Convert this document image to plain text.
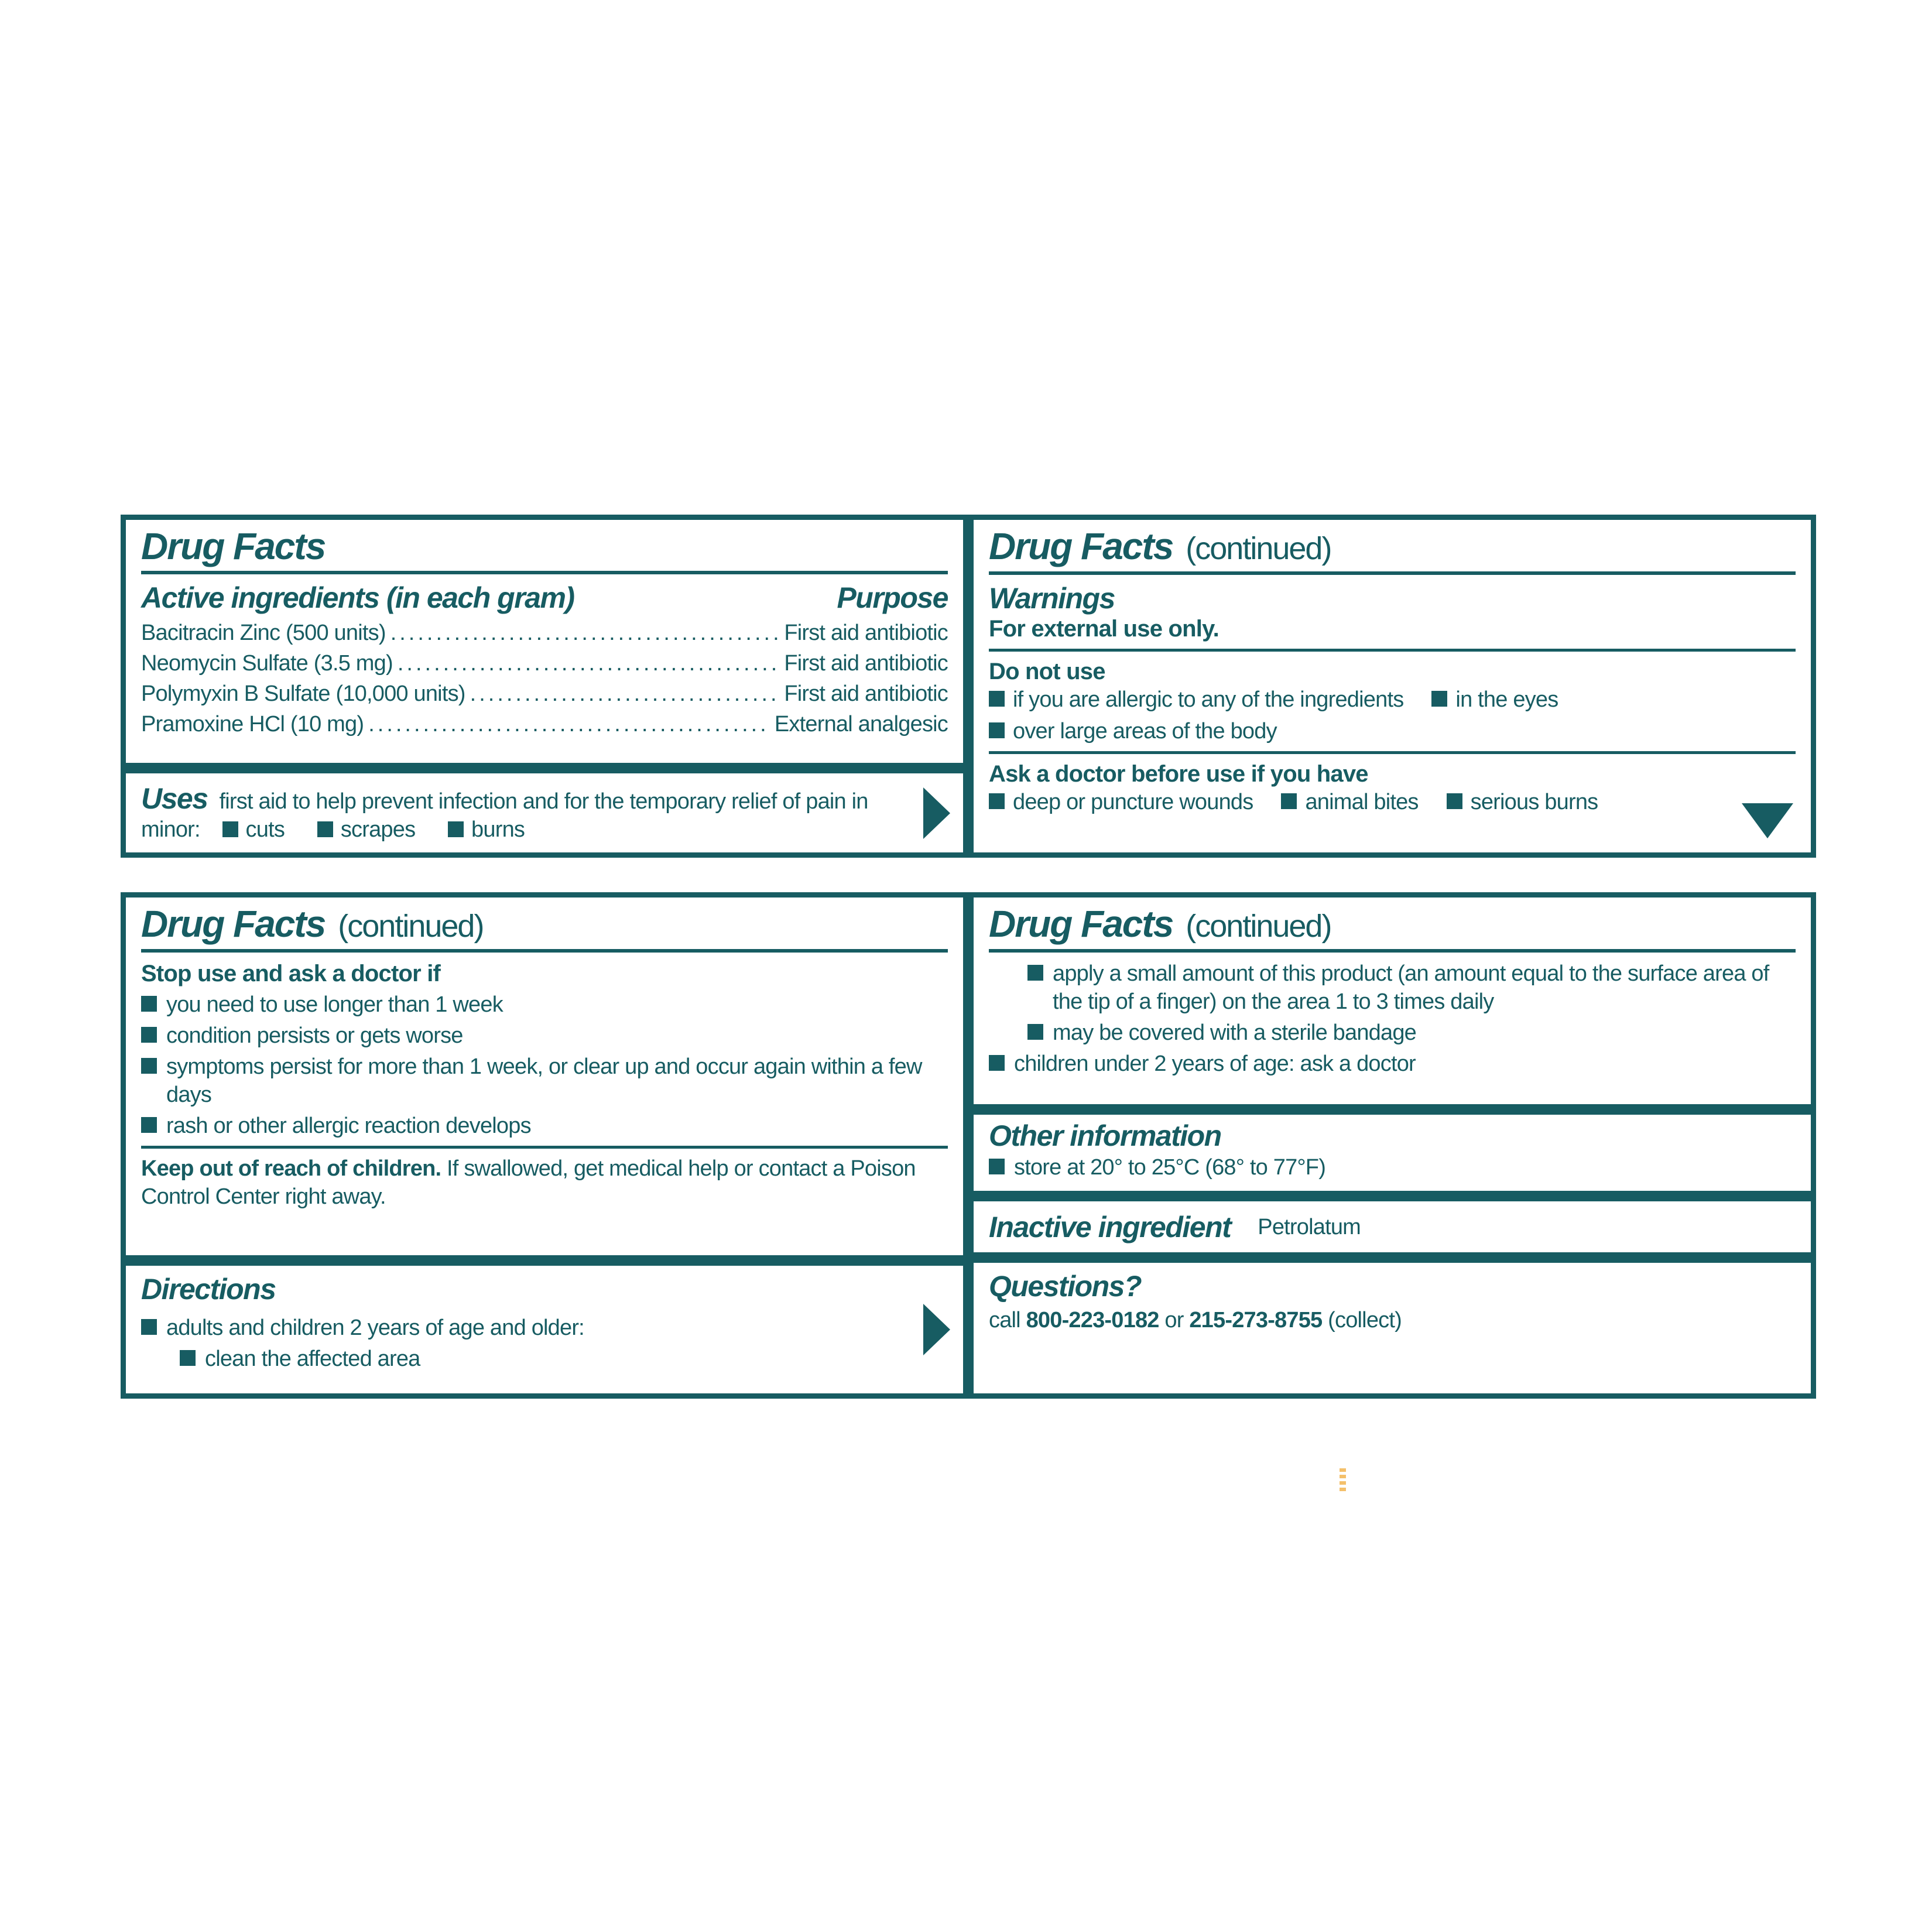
Drug Facts
Active ingredients (in each gram)	Purpose
Bacitracin Zinc (500 units) .....	First aid antibiotic
Neomycin Sulfate (3.5 mg) .....	First aid antibiotic
Polymyxin B Sulfate (10,000 units) .....	First aid antibiotic
Pramoxine HCl (10 mg) .....	External analgesic
Uses first aid to help prevent infection and for the temporary relief of pain in minor: cuts	scrapes	burns
Drug Facts (continued)
Warnings
For external use only.
Do not use
if you are allergic to any of the ingredients in the eyes
over large areas of the body
Ask a doctor before use if you have
deep or puncture wounds animal bites serious burns
Drug Facts (continued)
Stop use and ask a doctor if
you need to use longer than 1 week
condition persists or gets worse
symptoms persist for more than 1 week, or clear up and occur again within a few days
rash or other allergic reaction develops
Keep out of reach of children. If swallowed, get medical help or contact a Poison Control Center right away.
Directions
adults and children 2 years of age and older:
clean the affected area
Drug Facts (continued)
apply a small amount of this product (an amount equal to the surface area of the tip of a finger) on the area 1 to 3 times daily
may be covered with a sterile bandage
children under 2 years of age: ask a doctor
Other information
store at 20° to 25°C (68° to 77°F)
Inactive ingredient Petrolatum
Questions?
call 800-223-0182 or 215-273-8755 (collect)
